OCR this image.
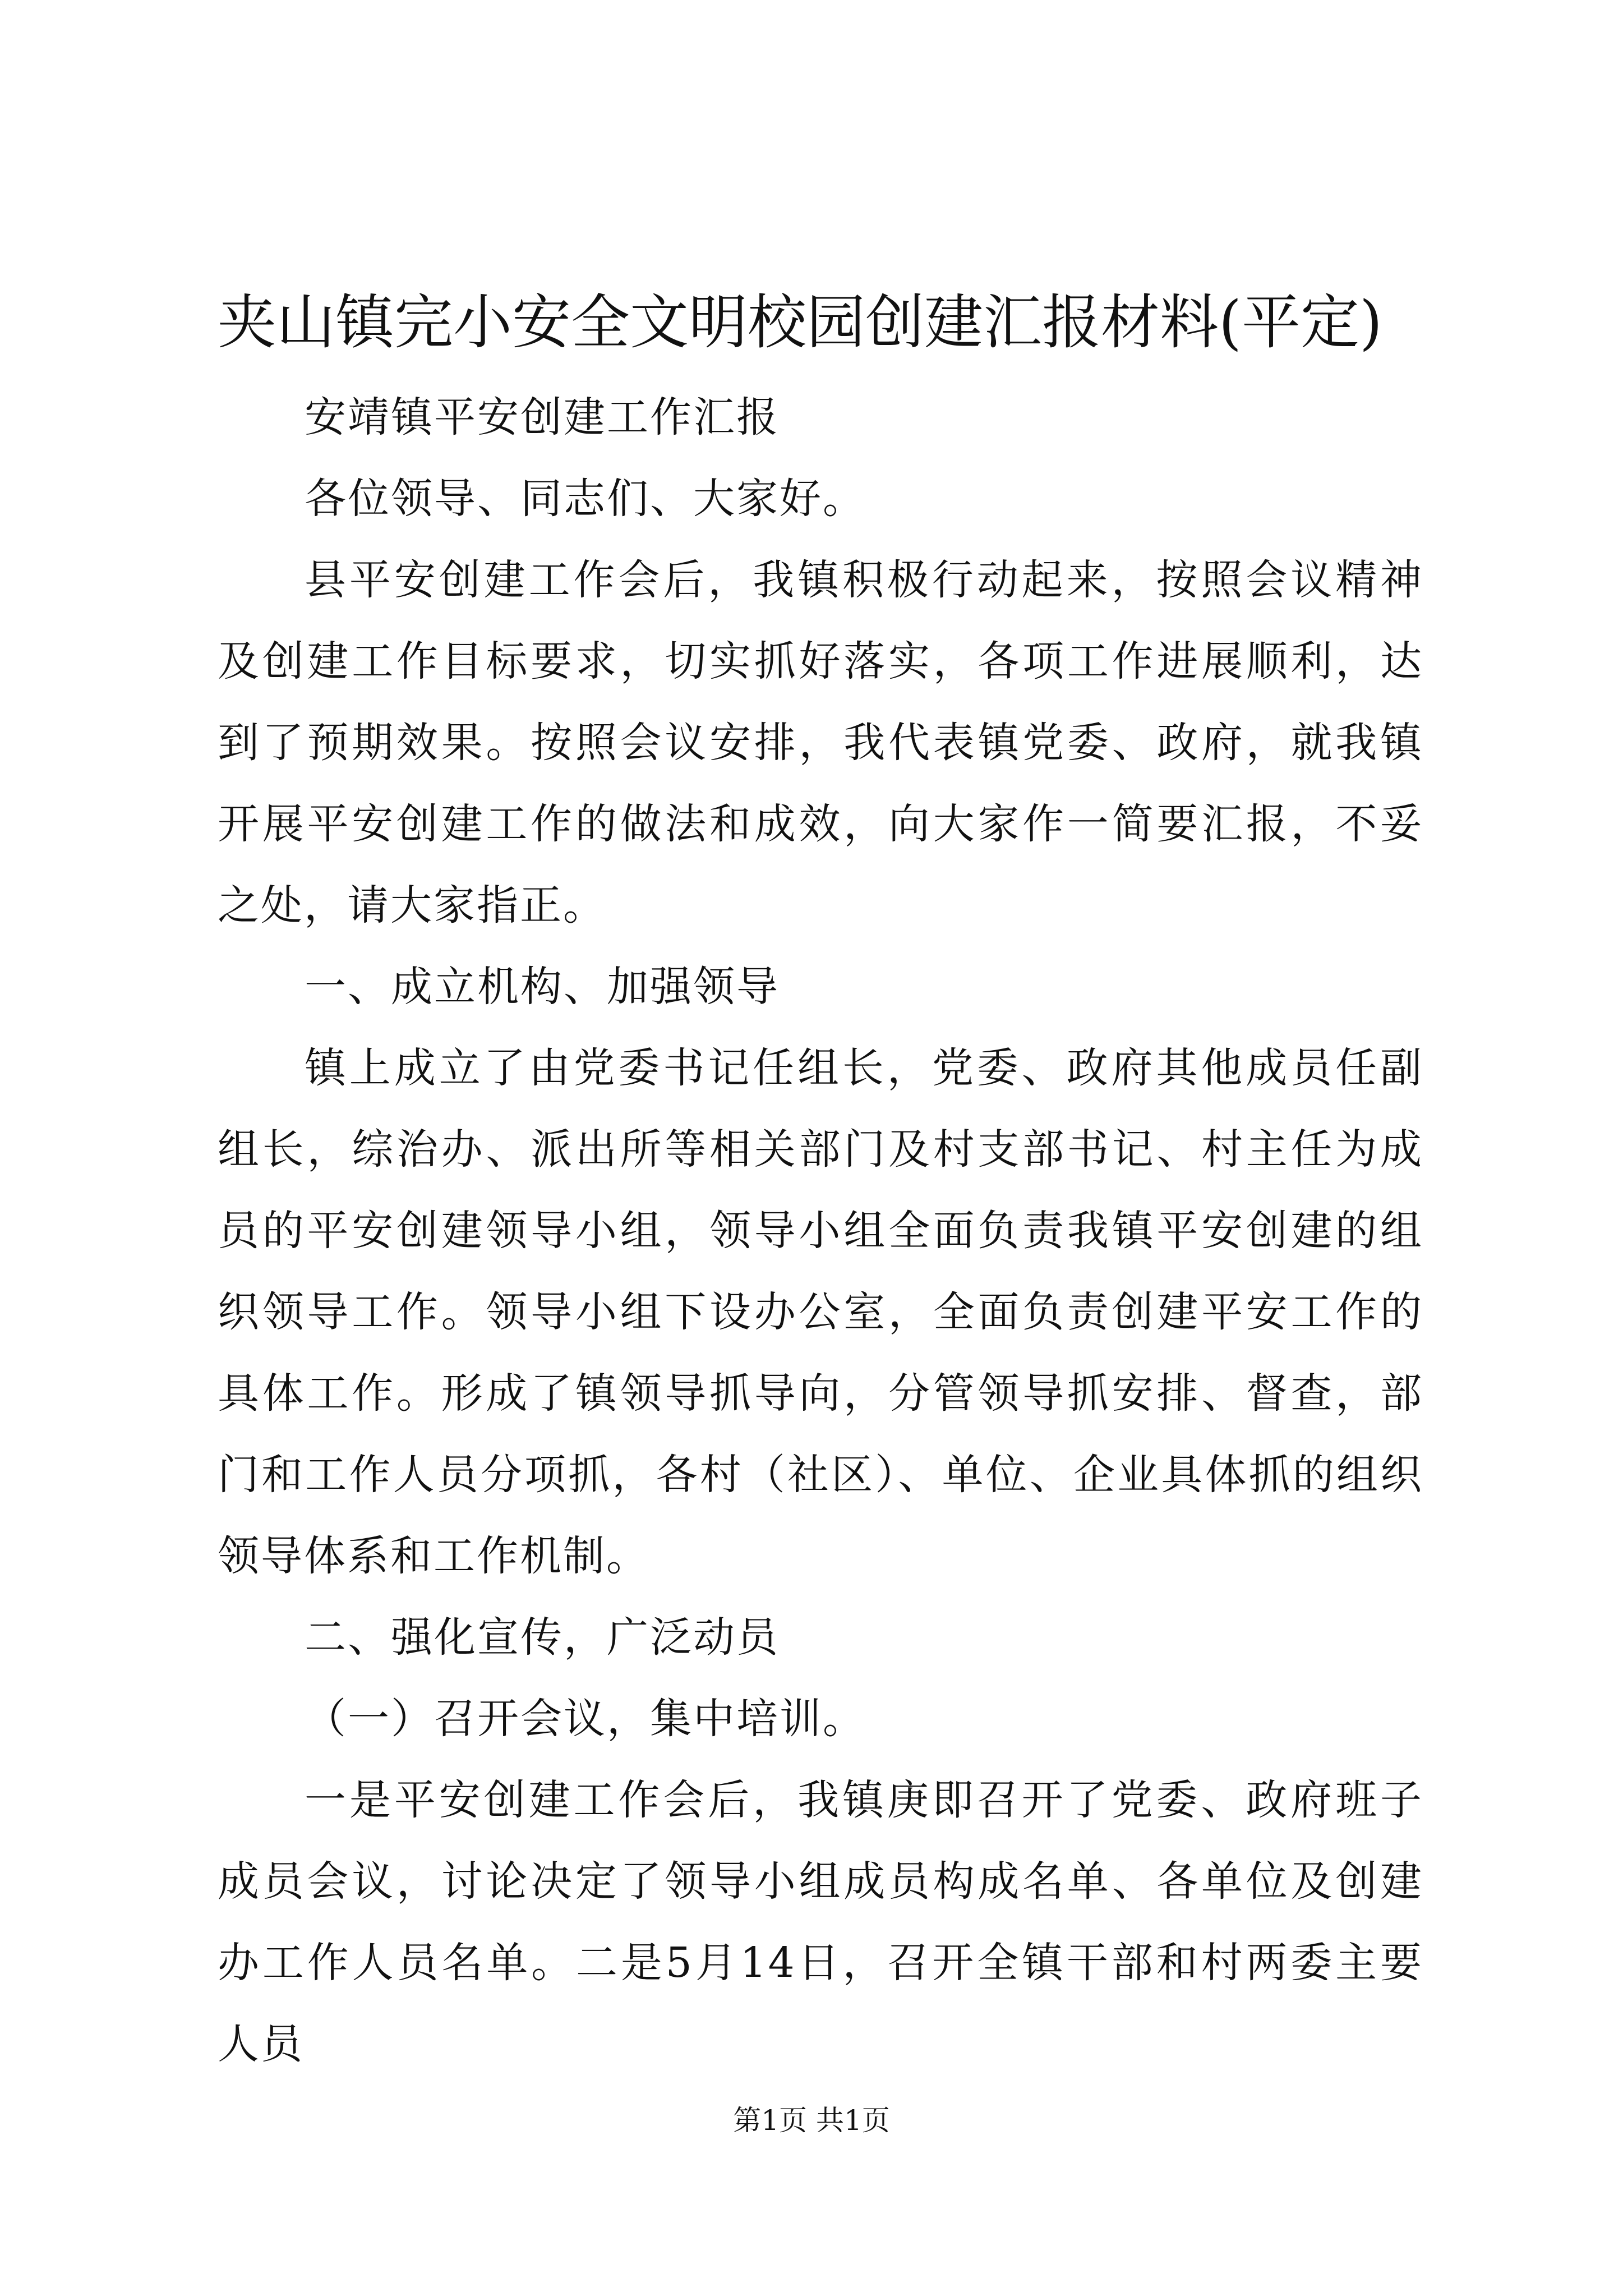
夹山镇完小安全文明校园创建汇报材料(平定)

安靖镇平安创建工作汇报

各位领导、同志们、大家好。

县平安创建工作会后，我镇积极行动起来，按照会议精神及创建工作目标要求，切实抓好落实，各项工作进展顺利，达到了预期效果。按照会议安排，我代表镇党委、政府，就我镇开展平安创建工作的做法和成效，向大家作一简要汇报，不妥之处，请大家指正。

一、成立机构、加强领导

镇上成立了由党委书记任组长，党委、政府其他成员任副组长，综治办、派出所等相关部门及村支部书记、村主任为成员的平安创建领导小组，领导小组全面负责我镇平安创建的组织领导工作。领导小组下设办公室，全面负责创建平安工作的具体工作。形成了镇领导抓导向，分管领导抓安排、督查，部门和工作人员分项抓，各村（社区）、单位、企业具体抓的组织领导体系和工作机制。

二、强化宣传，广泛动员

（一）召开会议，集中培训。

一是平安创建工作会后，我镇庚即召开了党委、政府班子成员会议，讨论决定了领导小组成员构成名单、各单位及创建办工作人员名单。二是5月14日，召开全镇干部和村两委主要人员

第1页 共1页
